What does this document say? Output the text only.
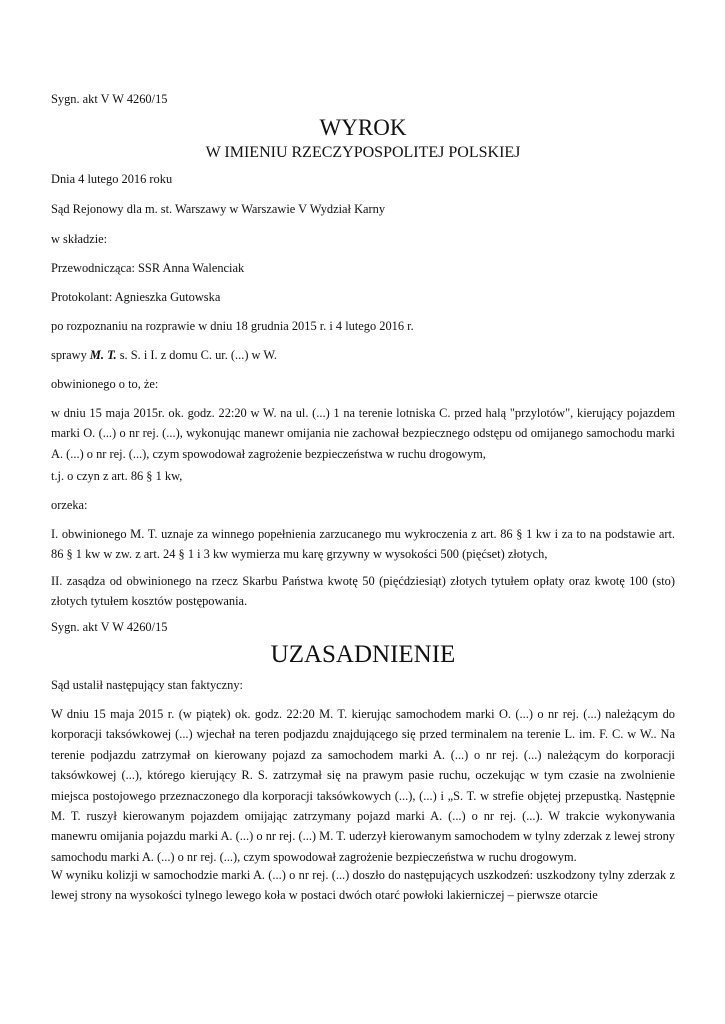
Sygn. akt V W 4260/15

WYROK

W IMIENIU RZECZYPOSPOLITEJ POLSKIEJ

Dnia 4 lutego 2016 roku

Sąd Rejonowy dla m. st. Warszawy w Warszawie V Wydział Karny

w składzie:

Przewodnicząca: SSR Anna Walenciak

Protokolant: Agnieszka Gutowska

po rozpoznaniu na rozprawie w dniu 18 grudnia 2015 r. i 4 lutego 2016 r.

sprawy M. T. s. S. i I. z domu C. ur. (...) w W.

obwinionego o to, że:

w dniu 15 maja 2015r. ok. godz. 22:20 w W. na ul. (...) 1 na terenie lotniska C. przed halą "przylotów", kierujący pojazdem marki O. (...) o nr rej. (...), wykonując manewr omijania nie zachował bezpiecznego odstępu od omijanego samochodu marki A. (...) o nr rej. (...), czym spowodował zagrożenie bezpieczeństwa w ruchu drogowym,

t.j. o czyn z art. 86 § 1 kw,

orzeka:

I. obwinionego M. T. uznaje za winnego popełnienia zarzucanego mu wykroczenia z art. 86 § 1 kw i za to na podstawie art. 86 § 1 kw w zw. z art. 24 § 1 i 3 kw wymierza mu karę grzywny w wysokości 500 (pięćset) złotych,

II. zasądza od obwinionego na rzecz Skarbu Państwa kwotę 50 (pięćdziesiąt) złotych tytułem opłaty oraz kwotę 100 (sto) złotych tytułem kosztów postępowania.

Sygn. akt V W 4260/15

UZASADNIENIE

Sąd ustalił następujący stan faktyczny:

W dniu 15 maja 2015 r. (w piątek) ok. godz. 22:20 M. T. kierując samochodem marki O. (...) o nr rej. (...) należącym do korporacji taksówkowej (...) wjechał na teren podjazdu znajdującego się przed terminalem na terenie L. im. F. C. w W.. Na terenie podjazdu zatrzymał on kierowany pojazd za samochodem marki A. (...) o nr rej. (...) należącym do korporacji taksówkowej (...), którego kierujący R. S. zatrzymał się na prawym pasie ruchu, oczekując w tym czasie na zwolnienie miejsca postojowego przeznaczonego dla korporacji taksówkowych (...), (...) i „S. T. w strefie objętej przepustką. Następnie M. T. ruszył kierowanym pojazdem omijając zatrzymany pojazd marki A. (...) o nr rej. (...). W trakcie wykonywania manewru omijania pojazdu marki A. (...) o nr rej. (...) M. T. uderzył kierowanym samochodem w tylny zderzak z lewej strony samochodu marki A. (...) o nr rej. (...), czym spowodował zagrożenie bezpieczeństwa w ruchu drogowym.

W wyniku kolizji w samochodzie marki A. (...) o nr rej. (...) doszło do następujących uszkodzeń: uszkodzony tylny zderzak z lewej strony na wysokości tylnego lewego koła w postaci dwóch otarć powłoki lakierniczej – pierwsze otarcie
